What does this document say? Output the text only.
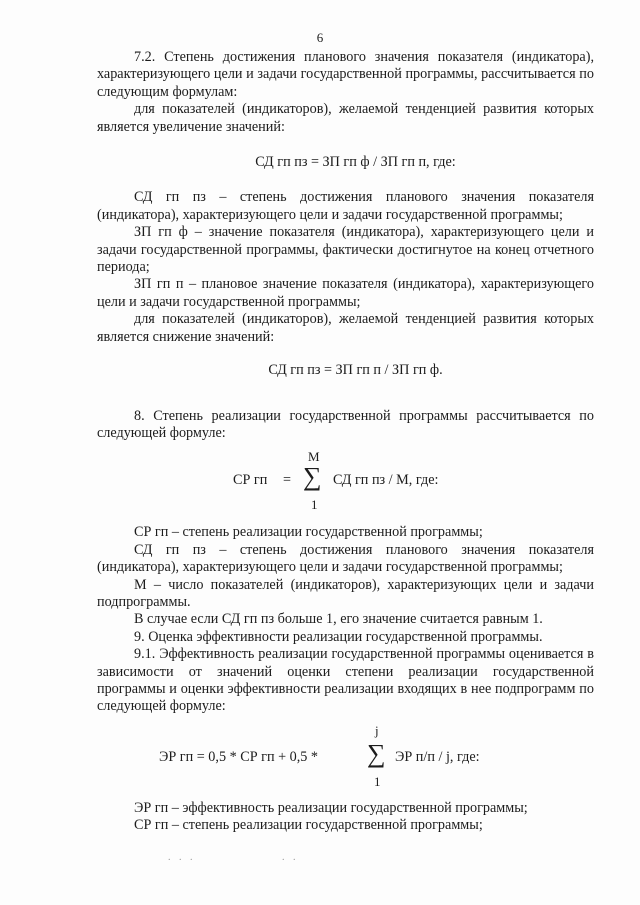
6

7.2. Степень достижения планового значения показателя (индикатора), характеризующего цели и задачи государственной программы, рассчитывается по следующим формулам:

для показателей (индикаторов), желаемой тенденцией развития которых является увеличение значений:

СД гп пз = ЗП гп ф / ЗП гп п, где:

СД гп пз – степень достижения планового значения показателя (индикатора), характеризующего цели и задачи государственной программы;

ЗП гп ф – значение показателя (индикатора), характеризующего цели и задачи государственной программы, фактически достигнутое на конец отчетного периода;

ЗП гп п – плановое значение показателя (индикатора), характеризующего цели и задачи государственной программы;

для показателей (индикаторов), желаемой тенденцией развития которых является снижение значений:

СД гп пз = ЗП гп п / ЗП гп ф.

8. Степень реализации государственной программы рассчитывается по следующей формуле:

СР гп =
М
∑
1
СД гп пз / М, где:

СР гп – степень реализации государственной программы;

СД гп пз – степень достижения планового значения показателя (индикатора), характеризующего цели и задачи государственной программы;

М – число показателей (индикаторов), характеризующих цели и задачи подпрограммы.

В случае если СД гп пз больше 1, его значение считается равным 1.

9. Оценка эффективности реализации государственной программы.

9.1. Эффективность реализации государственной программы оценивается в зависимости от значений оценки степени реализации государственной программы и оценки эффективности реализации входящих в нее подпрограмм по следующей формуле:

ЭР гп = 0,5 * СР гп + 0,5 *
j
∑
1
ЭР п/п / j, где:

ЭР гп – эффективность реализации государственной программы;

СР гп – степень реализации государственной программы;

. . .	. .
